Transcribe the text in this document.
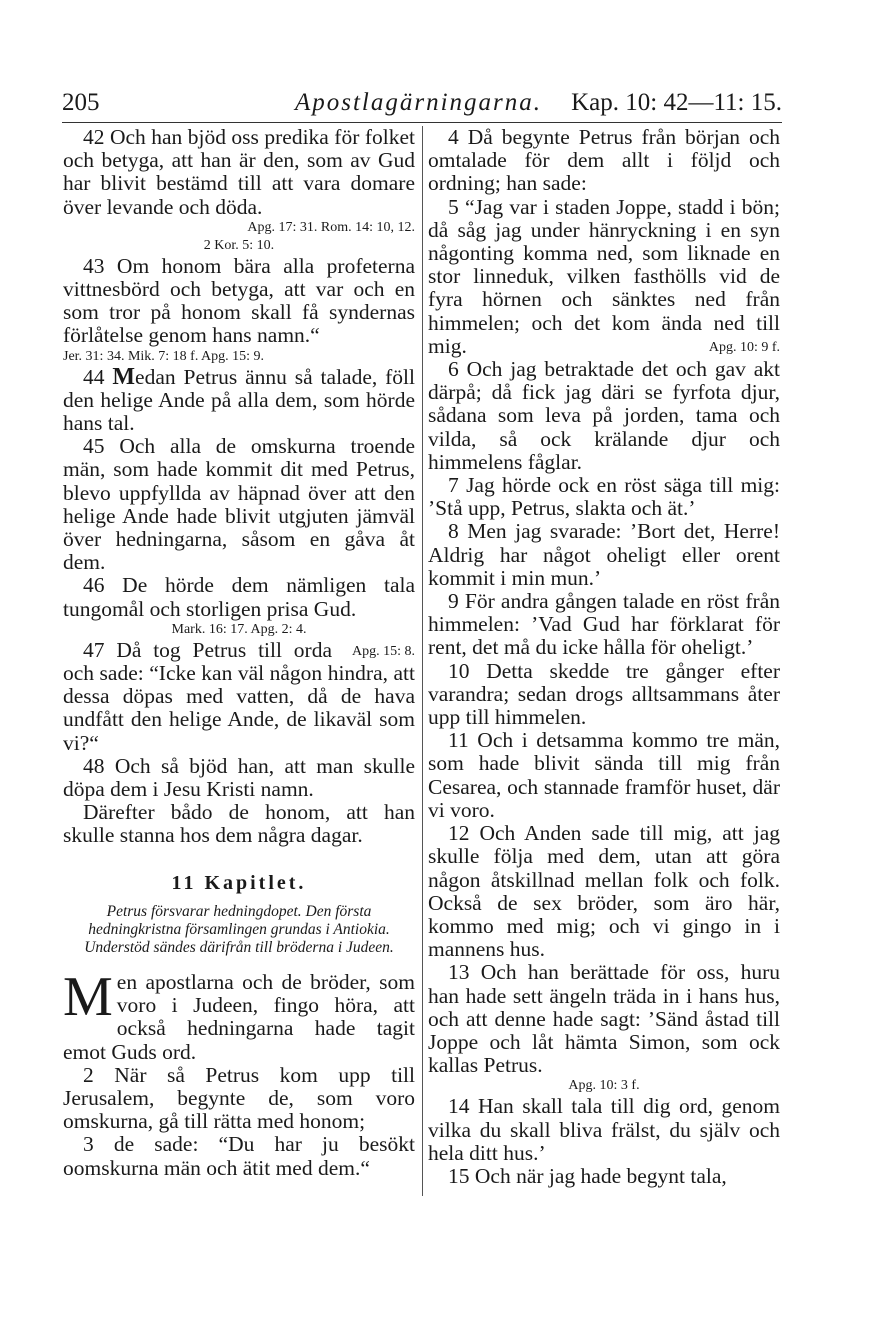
205	Apostlagärningarna. Kap. 10: 42—11: 15.

42 Och han bjöd oss predika för folket och betyga, att han är den, som av Gud har blivit bestämd till att vara domare över levande och döda.

Apg. 17: 31. Rom. 14: 10, 12.

2 Kor. 5: 10.

43 Om honom bära alla profeterna vittnesbörd och betyga, att var och en som tror på honom skall få syndernas förlåtelse genom hans namn.“

Jer. 31: 34. Mik. 7: 18 f. Apg. 15: 9.

44 Medan Petrus ännu så talade, föll den helige Ande på alla dem, som hörde hans tal.

45 Och alla de omskurna troende män, som hade kommit dit med Petrus, blevo uppfyllda av häpnad över att den helige Ande hade blivit utgjuten jämväl över hedningarna, såsom en gåva åt dem.

46 De hörde dem nämligen tala tungomål och storligen prisa Gud.

Mark. 16: 17. Apg. 2: 4.

Apg. 15: 8.
47 Då tog Petrus till orda och sade: “Icke kan väl någon hindra, att dessa döpas med vatten, då de hava undfått den helige Ande, de likaväl som vi?“

48 Och så bjöd han, att man skulle döpa dem i Jesu Kristi namn.

Därefter bådo de honom, att han skulle stanna hos dem några dagar.

11 Kapitlet.

Petrus försvarar hedningdopet. Den första hedningkristna församlingen grundas i Antiokia. Understöd sändes därifrån till bröderna i Judeen.

Men apostlarna och de bröder, som voro i Judeen, fingo höra, att också hedningarna hade tagit emot Guds ord.

2 När så Petrus kom upp till Jerusalem, begynte de, som voro omskurna, gå till rätta med honom;

3 de sade: “Du har ju besökt oomskurna män och ätit med dem.“

4 Då begynte Petrus från början och omtalade för dem allt i följd och ordning; han sade:

5 “Jag var i staden Joppe, stadd i bön; då såg jag under hänryckning i en syn någonting komma ned, som liknade en stor linneduk, vilken fasthölls vid de fyra hörnen och sänktes ned från himmelen; och det kom ända ned till mig.	Apg. 10: 9 f.

6 Och jag betraktade det och gav akt därpå; då fick jag däri se fyrfota djur, sådana som leva på jorden, tama och vilda, så ock krälande djur och himmelens fåglar.

7 Jag hörde ock en röst säga till mig: ’Stå upp, Petrus, slakta och ät.’

8 Men jag svarade: ’Bort det, Herre! Aldrig har något oheligt eller orent kommit i min mun.’

9 För andra gången talade en röst från himmelen: ’Vad Gud har förklarat för rent, det må du icke hålla för oheligt.’

10 Detta skedde tre gånger efter varandra; sedan drogs alltsammans åter upp till himmelen.

11 Och i detsamma kommo tre män, som hade blivit sända till mig från Cesarea, och stannade framför huset, där vi voro.

12 Och Anden sade till mig, att jag skulle följa med dem, utan att göra någon åtskillnad mellan folk och folk. Också de sex bröder, som äro här, kommo med mig; och vi gingo in i mannens hus.

13 Och han berättade för oss, huru han hade sett ängeln träda in i hans hus, och att denne hade sagt: ’Sänd åstad till Joppe och låt hämta Simon, som ock kallas Petrus.

Apg. 10: 3 f.

14 Han skall tala till dig ord, genom vilka du skall bliva frälst, du själv och hela ditt hus.’

15 Och när jag hade begynt tala,
